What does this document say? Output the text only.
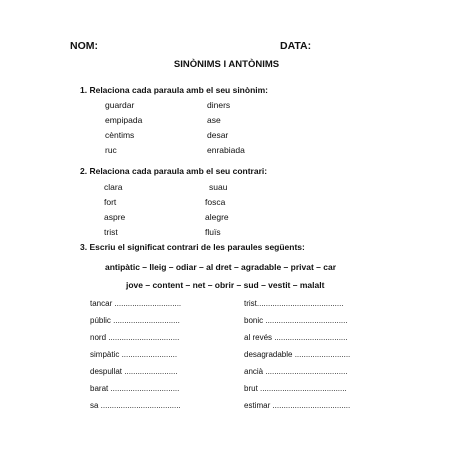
NOM:	DATA:
SINÒNIMS I ANTÒNIMS
1. Relaciona cada paraula amb el seu sinònim:
guardar
empipada
cèntims
ruc
diners
ase
desar
enrabiada
2. Relaciona cada paraula amb el seu contrari:
clara
fort
aspre
trist
suau
fosca
alegre
fluïs
3. Escriu el significat contrari de les paraules següents:
antipàtic – lleig – odiar – al dret – agradable – privat – car
jove – content – net – obrir – sud – vestit – malalt
tancar ..............................
públic ..............................
nord ................................
simpàtic .........................
despullat ........................
barat ...............................
sa ....................................
trist.......................................
bonic .....................................
al revés .................................
desagradable .........................
ancià .....................................
brut .......................................
estimar ...................................
